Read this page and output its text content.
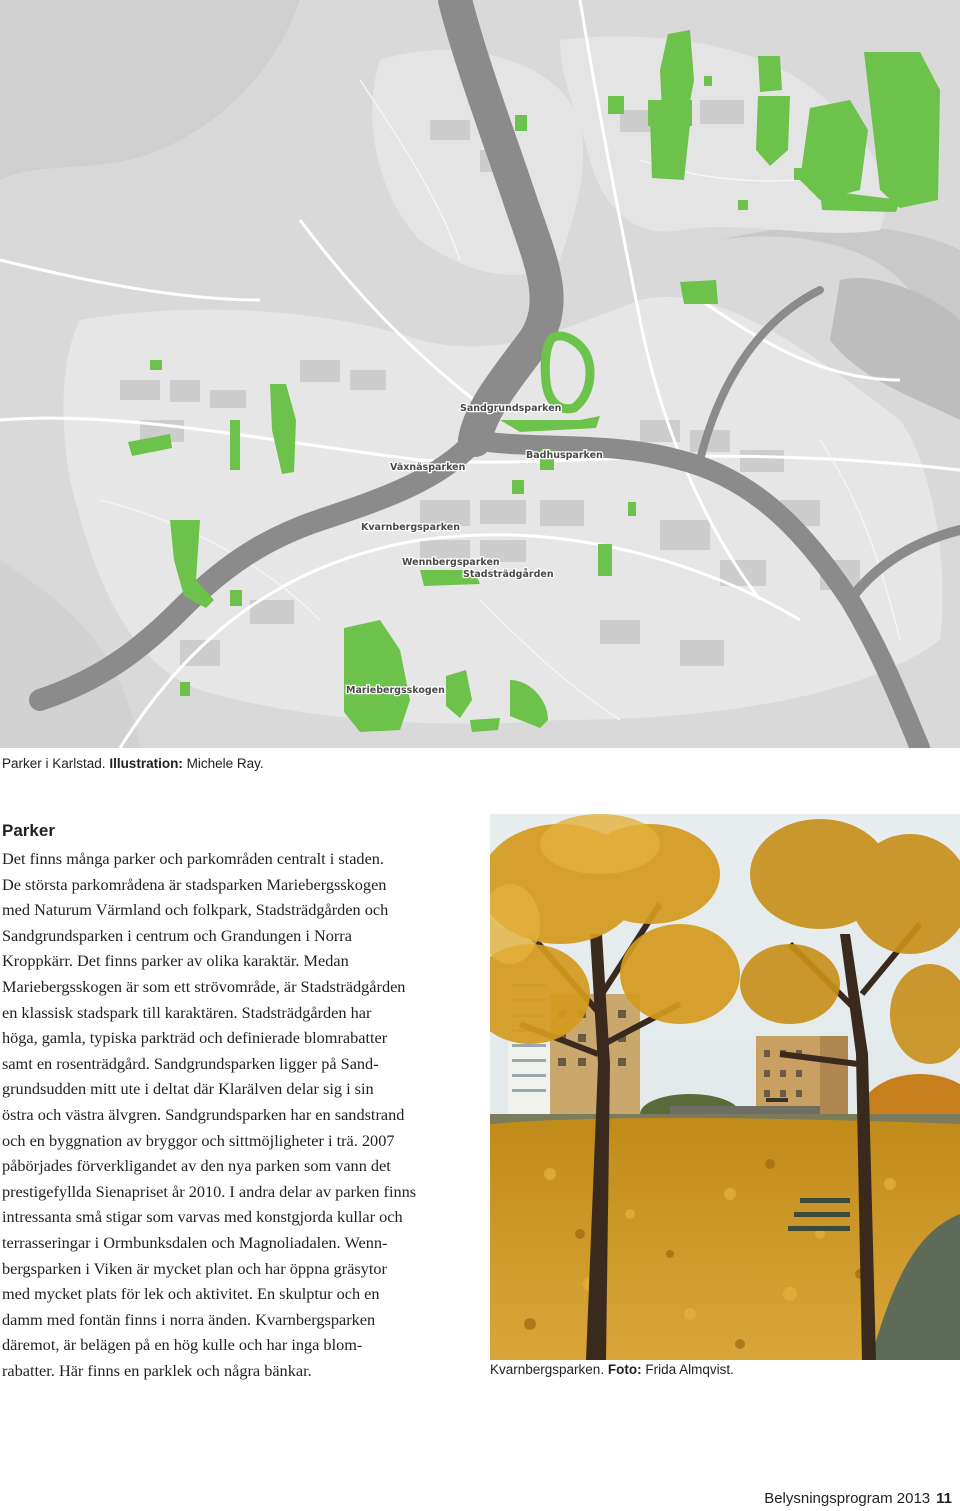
Sandgrundsparken
Badhusparken
Växnäsparken
Kvarnbergsparken
Wennbergsparken
Stadsträdgården
Mariebergsskogen
Parker i Karlstad. Illustration: Michele Ray.
Parker
Det finns många parker och parkområden centralt i staden.
De största parkområdena är stadsparken Mariebergsskogen
med Naturum Värmland och folkpark, Stadsträdgården och
Sandgrundsparken i centrum och Grandungen i Norra
Kroppkärr. Det finns parker av olika karaktär. Medan
Mariebergsskogen är som ett strövområde, är Stadsträdgården
en klassisk stadspark till karaktären. Stadsträdgården har
höga, gamla, typiska parkträd och definierade blomrabatter
samt en rosenträdgård. Sandgrundsparken ligger på Sand-
grundsudden mitt ute i deltat där Klarälven delar sig i sin
östra och västra älvgren. Sandgrundsparken har en sandstrand
och en byggnation av bryggor och sittmöjligheter i trä. 2007
påbörjades förverkligandet av den nya parken som vann det
prestigefyllda Sienapriset år 2010. I andra delar av parken finns
intressanta små stigar som varvas med konstgjorda kullar och
terrasseringar i Ormbunksdalen och Magnoliadalen. Wenn-
bergsparken i Viken är mycket plan och har öppna gräsytor
med mycket plats för lek och aktivitet. En skulptur och en
damm med fontän finns i norra änden. Kvarnbergsparken
däremot, är belägen på en hög kulle och har inga blom-
rabatter. Här finns en parklek och några bänkar.	Kvarnbergsparken. Foto: Frida Almqvist.
Belysningsprogram 2013 11
